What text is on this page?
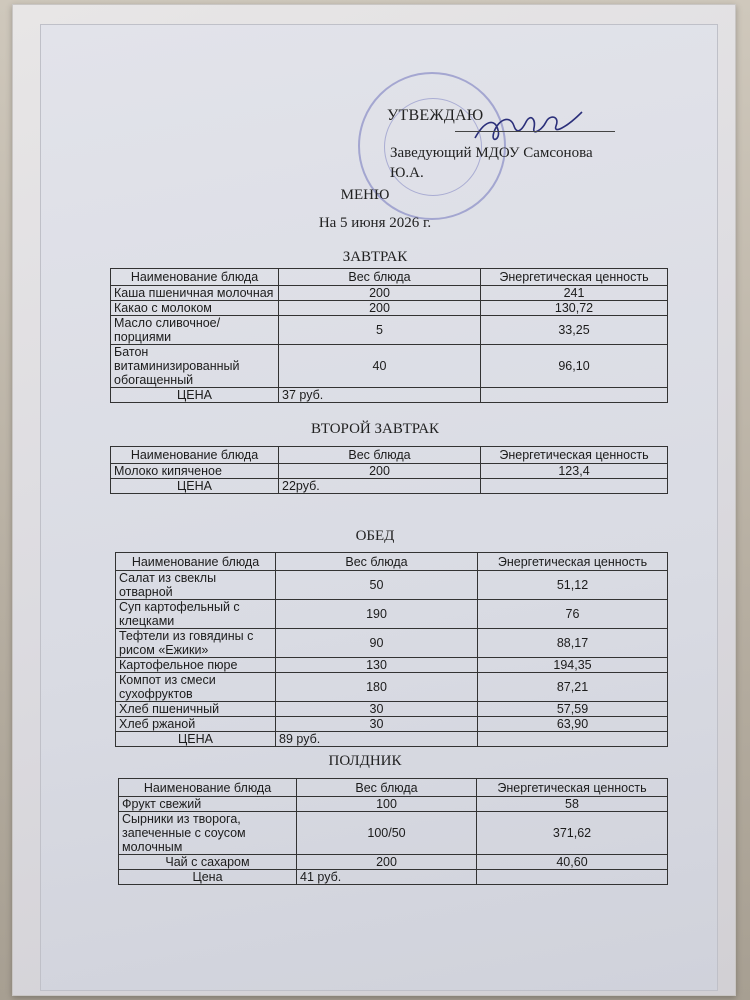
УТВЕЖДАЮ
Заведующий МДОУ Самсонова
Ю.А.
МЕНЮ
На 5 июня 2026 г.
ЗАВТРАК
Наименование блюда	Вес блюда	Энергетическая ценность
Каша пшеничная молочная	200	241
Какао с молоком	200	130,72
Масло сливочное/порциями	5	33,25
Батон витаминизированный обогащенный	40	96,10
ЦЕНА	37 руб.	
ВТОРОЙ ЗАВТРАК
Наименование блюда	Вес блюда	Энергетическая ценность
Молоко кипяченое	200	123,4
ЦЕНА	22руб.	
ОБЕД
Наименование блюда	Вес блюда	Энергетическая ценность
Салат из свеклы отварной	50	51,12
Суп картофельный с клецками	190	76
Тефтели из говядины с рисом «Ежики»	90	88,17
Картофельное пюре	130	194,35
Компот из смеси сухофруктов	180	87,21
Хлеб пшеничный	30	57,59
Хлеб ржаной	30	63,90
ЦЕНА	89 руб.	
ПОЛДНИК
Наименование блюда	Вес блюда	Энергетическая ценность
Фрукт свежий	100	58
Сырники из творога, запеченные с соусом молочным	100/50	371,62
Чай с сахаром	200	40,60
Цена	41 руб.	
